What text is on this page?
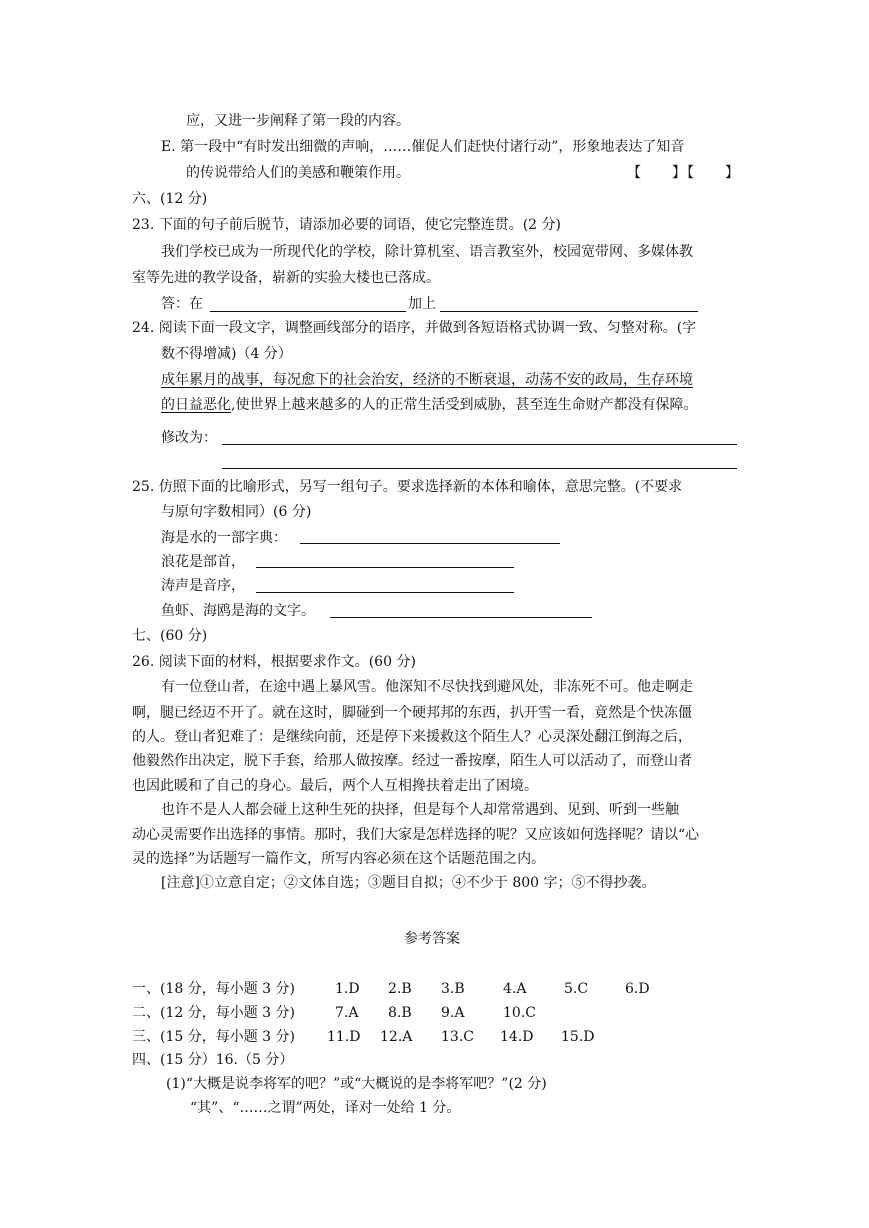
应，又进一步阐释了第一段的内容。
E. 第一段中“有时发出细微的声响，……催促人们赶快付诸行动”，形象地表达了知音
的传说带给人们的美感和鞭策作用。	【　　】【　　】
六、(12 分)
23. 下面的句子前后脱节，请添加必要的词语，使它完整连贯。(2 分)
我们学校已成为一所现代化的学校，除计算机室、语言教室外，校园宽带网、多媒体教
室等先进的教学设备，崭新的实验大楼也已落成。
答：在	加上
24. 阅读下面一段文字，调整画线部分的语序，并做到各短语格式协调一致、匀整对称。(字
数不得增减)（4 分）
成年累月的战事，每况愈下的社会治安，经济的不断衰退，动荡不安的政局，生存环境
的日益恶化,使世界上越来越多的人的正常生活受到威胁，甚至连生命财产都没有保障。
修改为：
25. 仿照下面的比喻形式，另写一组句子。要求选择新的本体和喻体，意思完整。(不要求
与原句字数相同）(6 分)
海是水的一部字典：
浪花是部首，
涛声是音序，
鱼虾、海鸥是海的文字。
七、(60 分)
26. 阅读下面的材料，根据要求作文。(60 分)
有一位登山者，在途中遇上暴风雪。他深知不尽快找到避风处，非冻死不可。他走啊走
啊，腿已经迈不开了。就在这时，脚碰到一个硬邦邦的东西，扒开雪一看，竟然是个快冻僵
的人。登山者犯难了：是继续向前，还是停下来援救这个陌生人？心灵深处翻江倒海之后，
他毅然作出决定，脱下手套，给那人做按摩。经过一番按摩，陌生人可以活动了，而登山者
也因此暖和了自己的身心。最后，两个人互相搀扶着走出了困境。
也许不是人人都会碰上这种生死的抉择，但是每个人却常常遇到、见到、听到一些触
动心灵需要作出选择的事情。那时，我们大家是怎样选择的呢？又应该如何选择呢？请以“心
灵的选择”为话题写一篇作文，所写内容必须在这个话题范围之内。
[注意]①立意自定；②文体自选；③题目自拟；④不少于 800 字；⑤不得抄袭。
参考答案
一、(18 分，每小题 3 分)	1.D 2.B 3.B	4.A	5.C	6.D
二、(12 分，每小题 3 分)	7.A 8.B 9.A	10.C
三、(15 分，每小题 3 分) 11.D 12.A 13.C 14.D 15.D
四、(15 分）16.（5 分）
(1)“大概是说李将军的吧？”或“大概说的是李将军吧？”(2 分)
“其”、“……之谓”两处，译对一处给 1 分。
